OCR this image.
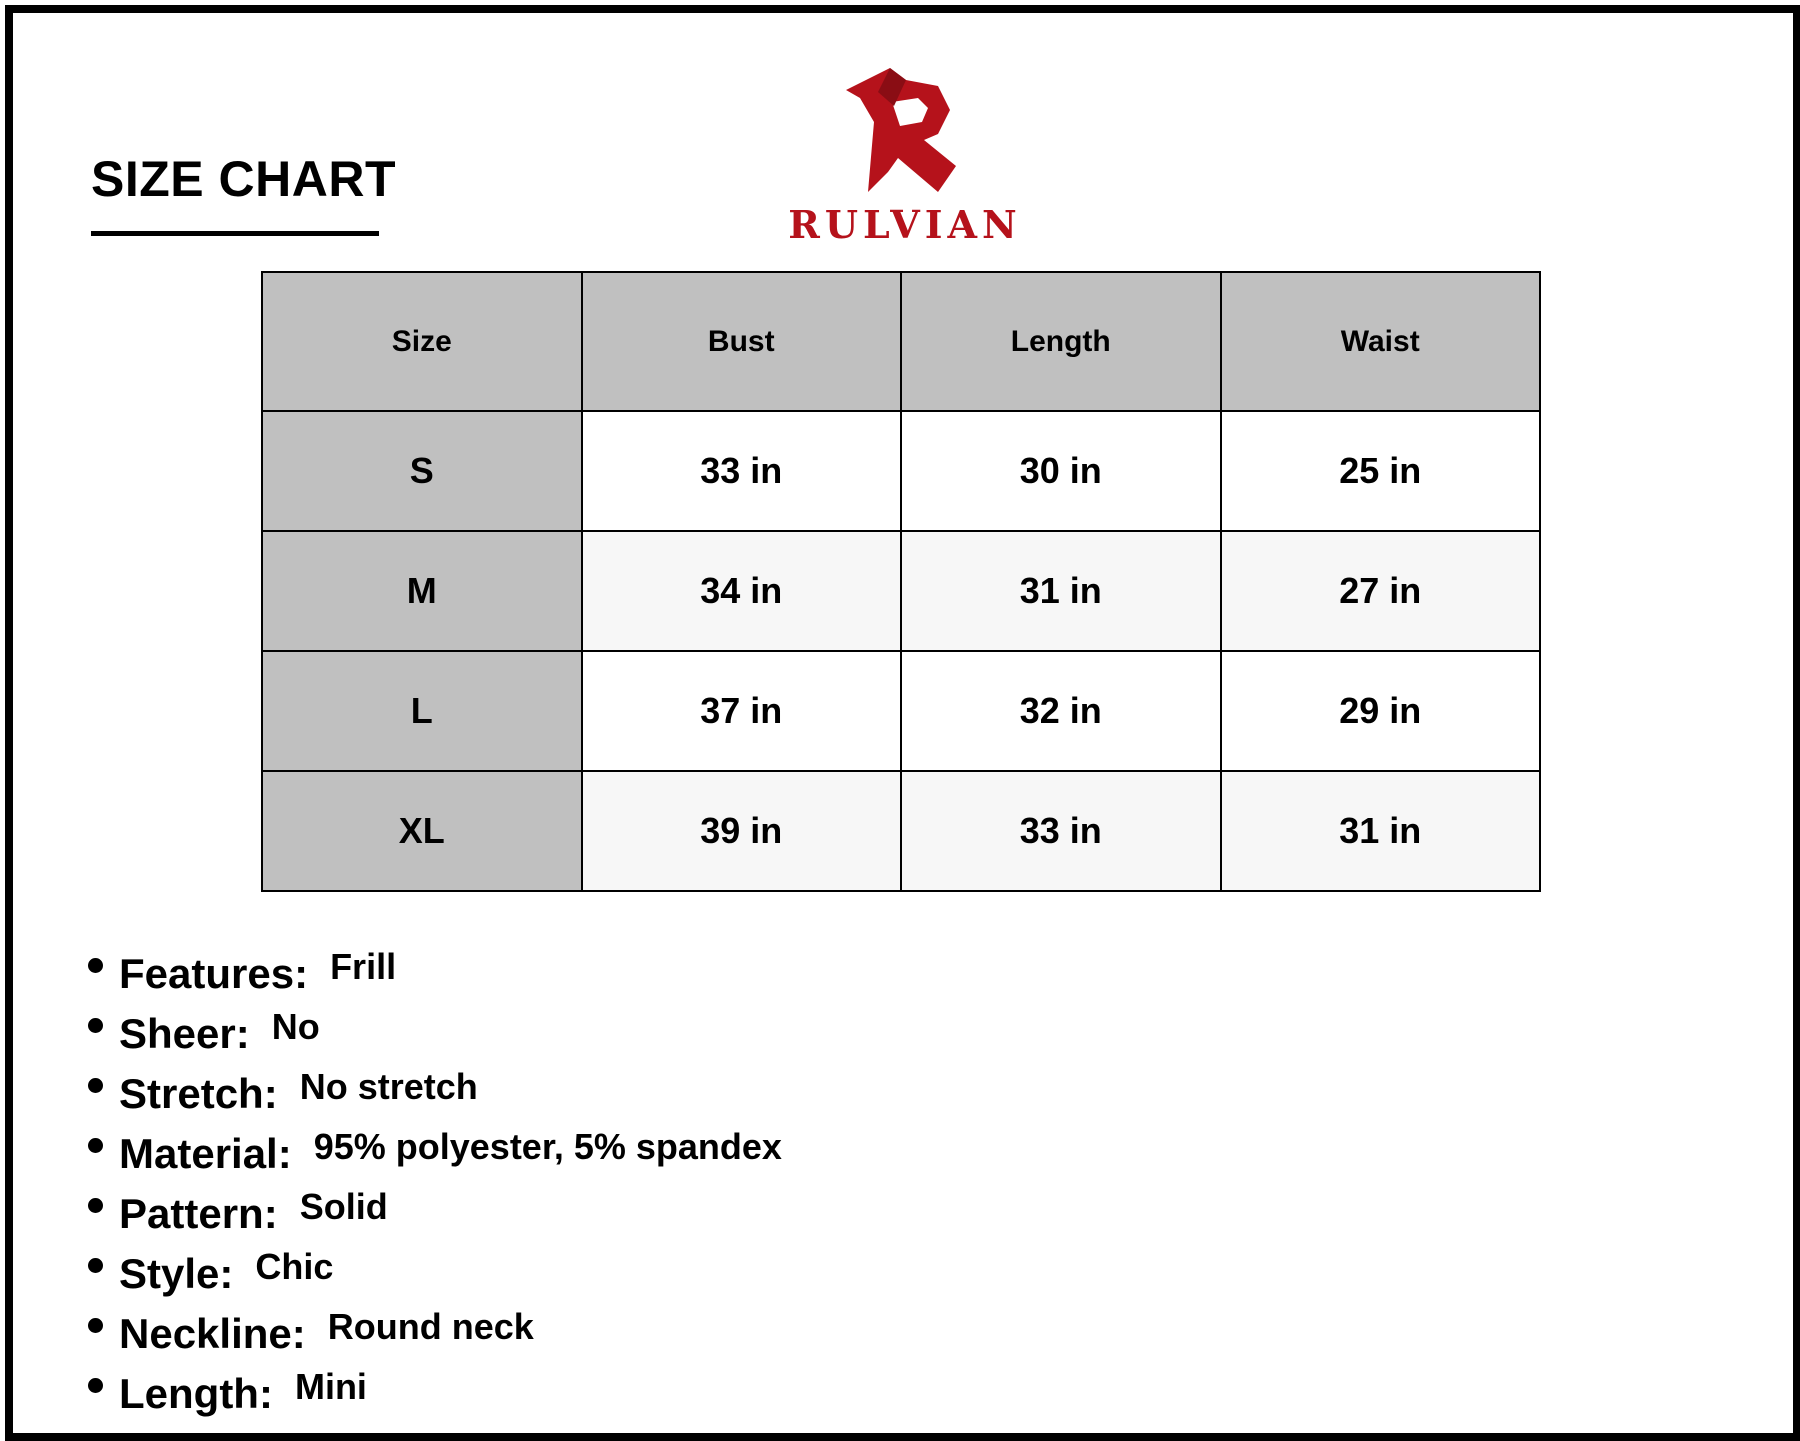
SIZE CHART
RULVIAN
Size	Bust	Length	Waist
S	33 in	30 in	25 in
M	34 in	31 in	27 in
L	37 in	32 in	29 in
XL	39 in	33 in	31 in
Features: Frill
Sheer: No
Stretch: No stretch
Material: 95% polyester, 5% spandex
Pattern: Solid
Style: Chic
Neckline: Round neck
Length: Mini
